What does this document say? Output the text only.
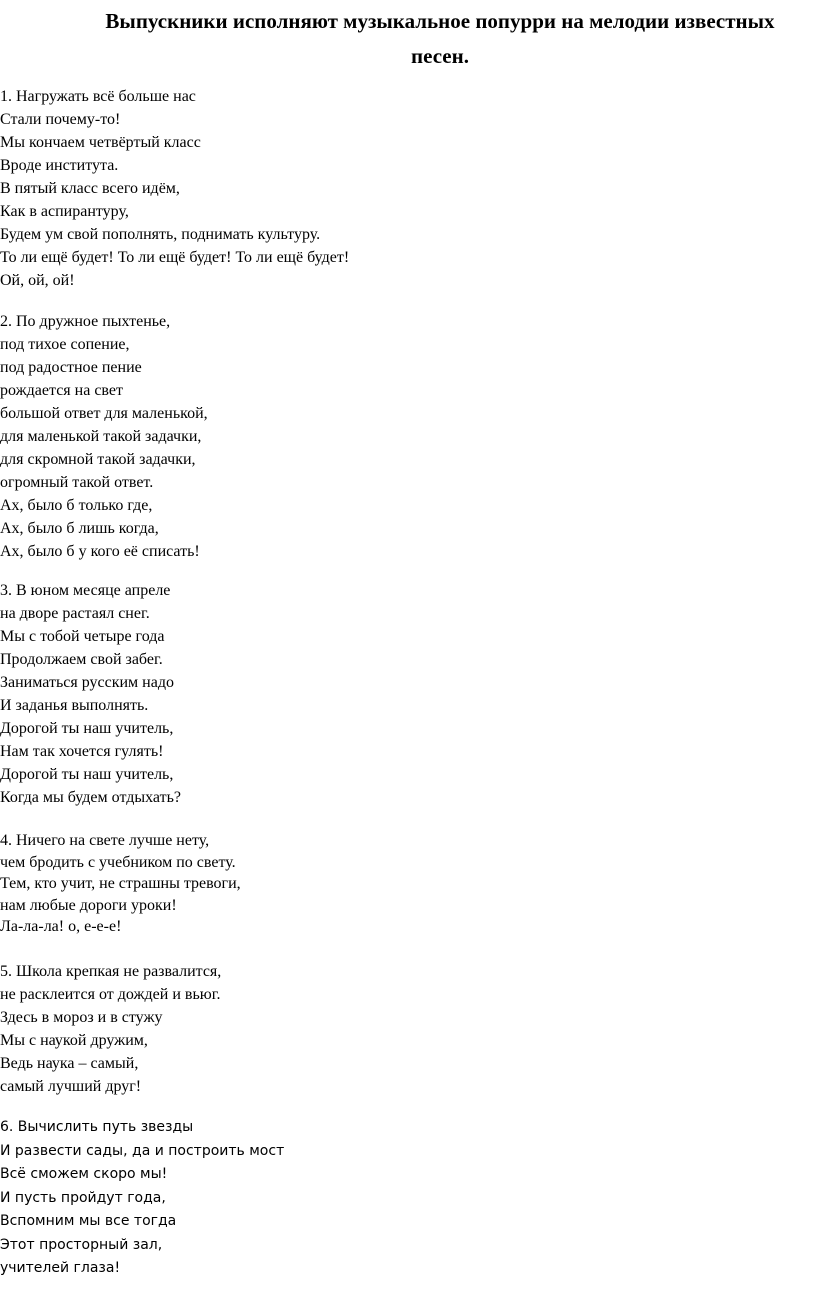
Выпускники исполняют музыкальное попурри на мелодии известных
песен.
1. Нагружать всё больше нас
Стали почему-то!
Мы кончаем четвёртый класс
Вроде института.
В пятый класс всего идём,
Как в аспирантуру,
Будем ум свой пополнять, поднимать культуру.
То ли ещё будет! То ли ещё будет! То ли ещё будет!
Ой, ой, ой!
2. По дружное пыхтенье,
под тихое сопение,
под радостное пение
рождается на свет
большой ответ для маленькой,
для маленькой такой задачки,
для скромной такой задачки,
огромный такой ответ.
Ах, было б только где,
Ах, было б лишь когда,
Ах, было б у кого её списать!
3. В юном месяце апреле
на дворе растаял снег.
Мы с тобой четыре года
Продолжаем свой забег.
Заниматься русским надо
И заданья выполнять.
Дорогой ты наш учитель,
Нам так хочется гулять!
Дорогой ты наш учитель,
Когда мы будем отдыхать?
4. Ничего на свете лучше нету,
чем бродить с учебником по свету.
Тем, кто учит, не страшны тревоги,
нам любые дороги уроки!
Ла-ла-ла! о, е-е-е!
5. Школа крепкая не развалится,
не расклеится от дождей и вьюг.
Здесь в мороз и в стужу
Мы с наукой дружим,
Ведь наука – самый,
самый лучший друг!
6. Вычислить путь звезды
И развести сады, да и построить мост
Всё сможем скоро мы!
И пусть пройдут года,
Вспомним мы все тогда
Этот просторный зал,
учителей глаза!
